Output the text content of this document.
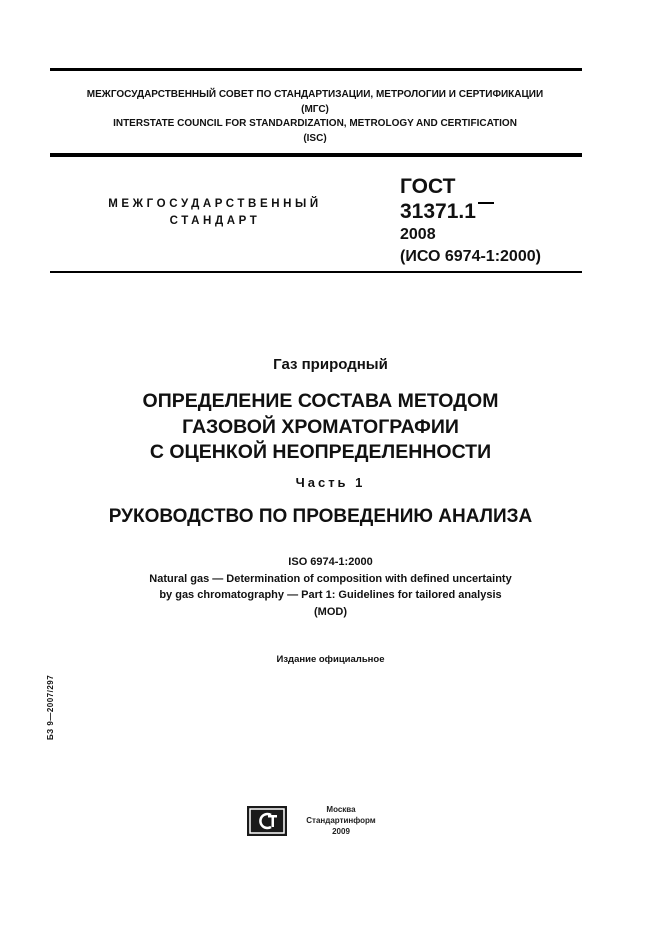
МЕЖГОСУДАРСТВЕННЫЙ СОВЕТ ПО СТАНДАРТИЗАЦИИ, МЕТРОЛОГИИ И СЕРТИФИКАЦИИ
(МГС)
INTERSTATE COUNCIL FOR STANDARDIZATION, METROLOGY AND CERTIFICATION
(ISC)
МЕЖГОСУДАРСТВЕННЫЙ
СТАНДАРТ
ГОСТ
31371.1
2008
(ИСО 6974-1:2000)
Газ природный
ОПРЕДЕЛЕНИЕ СОСТАВА МЕТОДОМ
ГАЗОВОЙ ХРОМАТОГРАФИИ
С ОЦЕНКОЙ НЕОПРЕДЕЛЕННОСТИ
Часть 1
РУКОВОДСТВО ПО ПРОВЕДЕНИЮ АНАЛИЗА
ISO 6974-1:2000
Natural gas — Determination of composition with defined uncertainty
by gas chromatography — Part 1: Guidelines for tailored analysis
(MOD)
Издание официальное
БЗ 9—2007/297
Москва
Стандартинформ
2009
